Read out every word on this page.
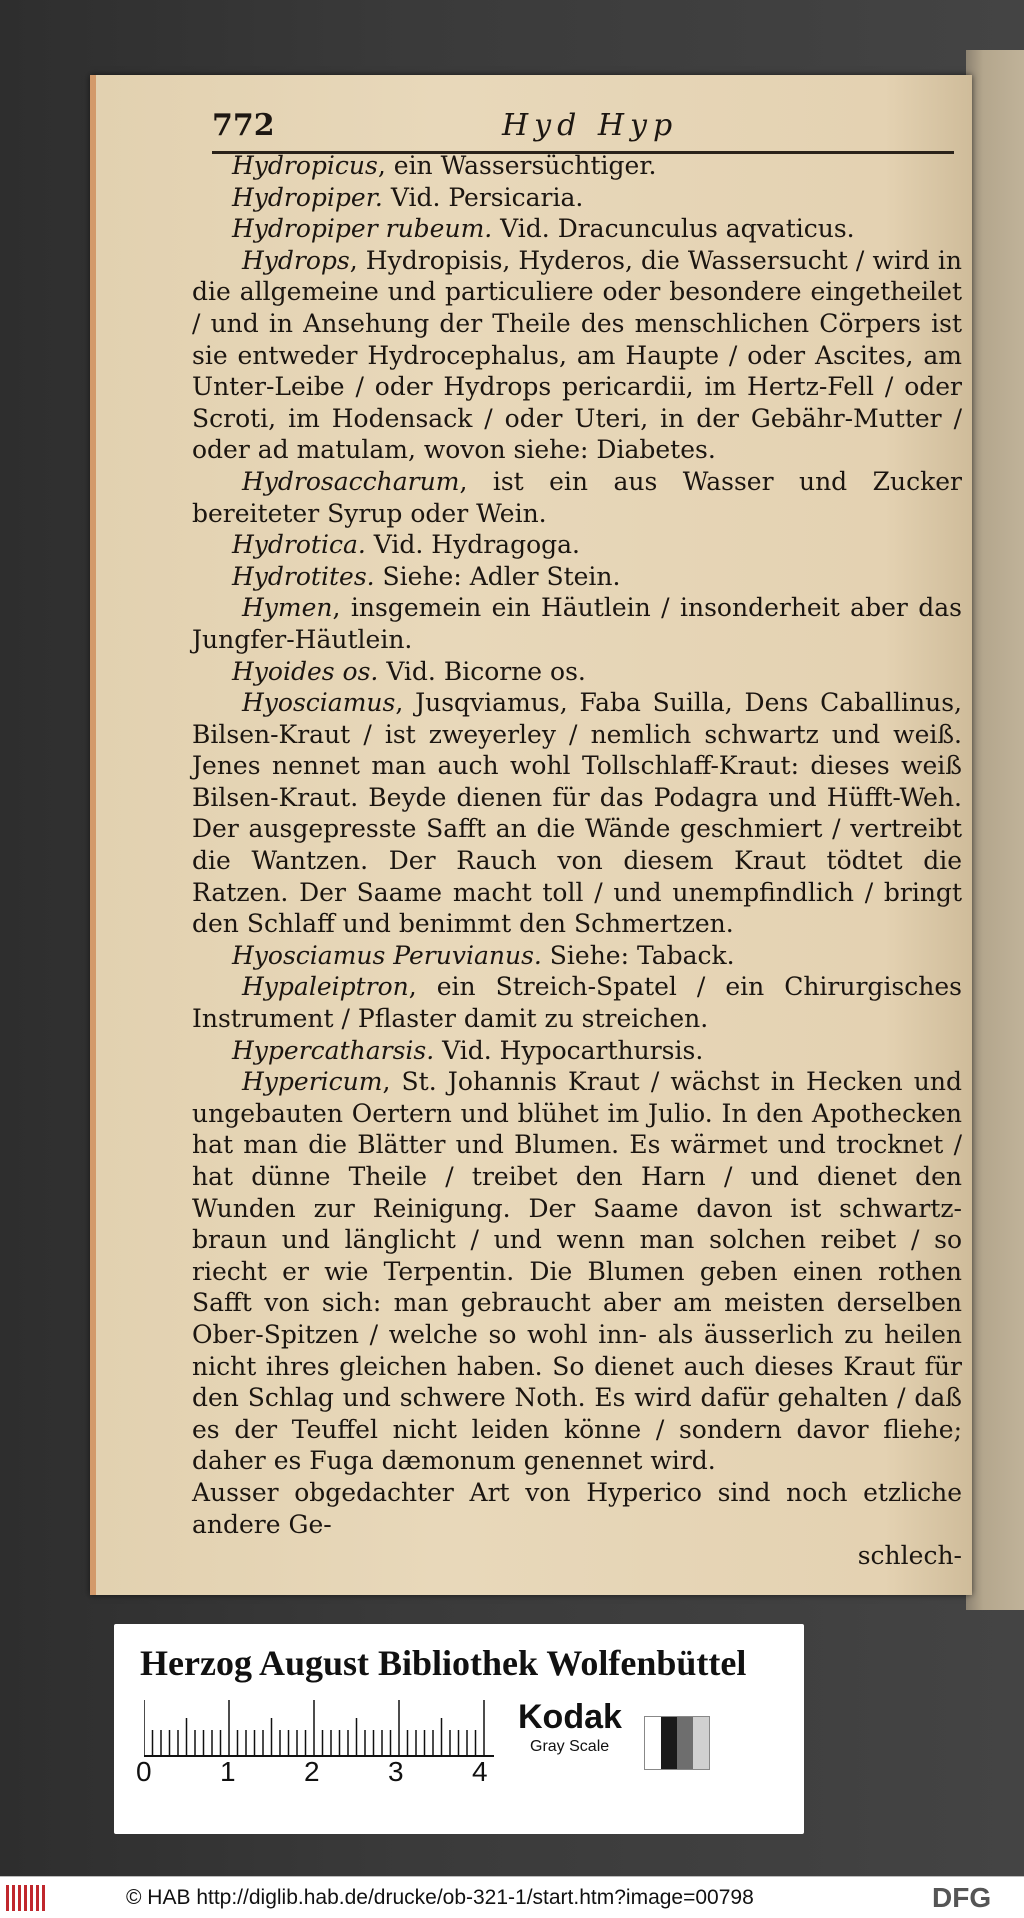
772	Hyd Hyp

Hydropicus, ein Wassersüchtiger.

Hydropiper. Vid. Persicaria.

Hydropiper rubeum. Vid. Dracunculus aqvaticus.

Hydrops, Hydropisis, Hyderos, die Wassersucht / wird in die allgemeine und particuliere oder besondere eingetheilet / und in Ansehung der Theile des menschlichen Cörpers ist sie entweder Hydrocephalus, am Haupte / oder Ascites, am Unter-Leibe / oder Hydrops pericardii, im Hertz-Fell / oder Scroti, im Hodensack / oder Uteri, in der Gebähr-Mutter / oder ad matulam, wovon siehe: Diabetes.

Hydrosaccharum, ist ein aus Wasser und Zucker bereiteter Syrup oder Wein.

Hydrotica. Vid. Hydragoga.

Hydrotites. Siehe: Adler Stein.

Hymen, insgemein ein Häutlein / insonderheit aber das Jungfer-Häutlein.

Hyoides os. Vid. Bicorne os.

Hyosciamus, Jusqviamus, Faba Suilla, Dens Caballinus, Bilsen-Kraut / ist zweyerley / nemlich schwartz und weiß. Jenes nennet man auch wohl Tollschlaff-Kraut: dieses weiß Bilsen-Kraut. Beyde dienen für das Podagra und Hüfft-Weh. Der ausgepresste Safft an die Wände geschmiert / vertreibt die Wantzen. Der Rauch von diesem Kraut tödtet die Ratzen. Der Saame macht toll / und unempfindlich / bringt den Schlaff und benimmt den Schmertzen.

Hyosciamus Peruvianus. Siehe: Taback.

Hypaleiptron, ein Streich-Spatel / ein Chirurgisches Instrument / Pflaster damit zu streichen.

Hypercatharsis. Vid. Hypocarthursis.

Hypericum, St. Johannis Kraut / wächst in Hecken und ungebauten Oertern und blühet im Julio. In den Apothecken hat man die Blätter und Blumen. Es wärmet und trocknet / hat dünne Theile / treibet den Harn / und dienet den Wunden zur Reinigung. Der Saame davon ist schwartz-braun und länglicht / und wenn man solchen reibet / so riecht er wie Terpentin. Die Blumen geben einen rothen Safft von sich: man gebraucht aber am meisten derselben Ober-Spitzen / welche so wohl inn- als äusserlich zu heilen nicht ihres gleichen haben. So dienet auch dieses Kraut für den Schlag und schwere Noth. Es wird dafür gehalten / daß es der Teuffel nicht leiden könne / sondern davor fliehe; daher es Fuga dæmonum genennet wird.

Ausser obgedachter Art von Hyperico sind noch etzliche andere Ge-

schlech-

Herzog August Bibliothek Wolfenbüttel
0 1 2 3 4
Kodak
Gray Scale
© HAB http://diglib.hab.de/drucke/ob-321-1/start.htm?image=00798	DFG
